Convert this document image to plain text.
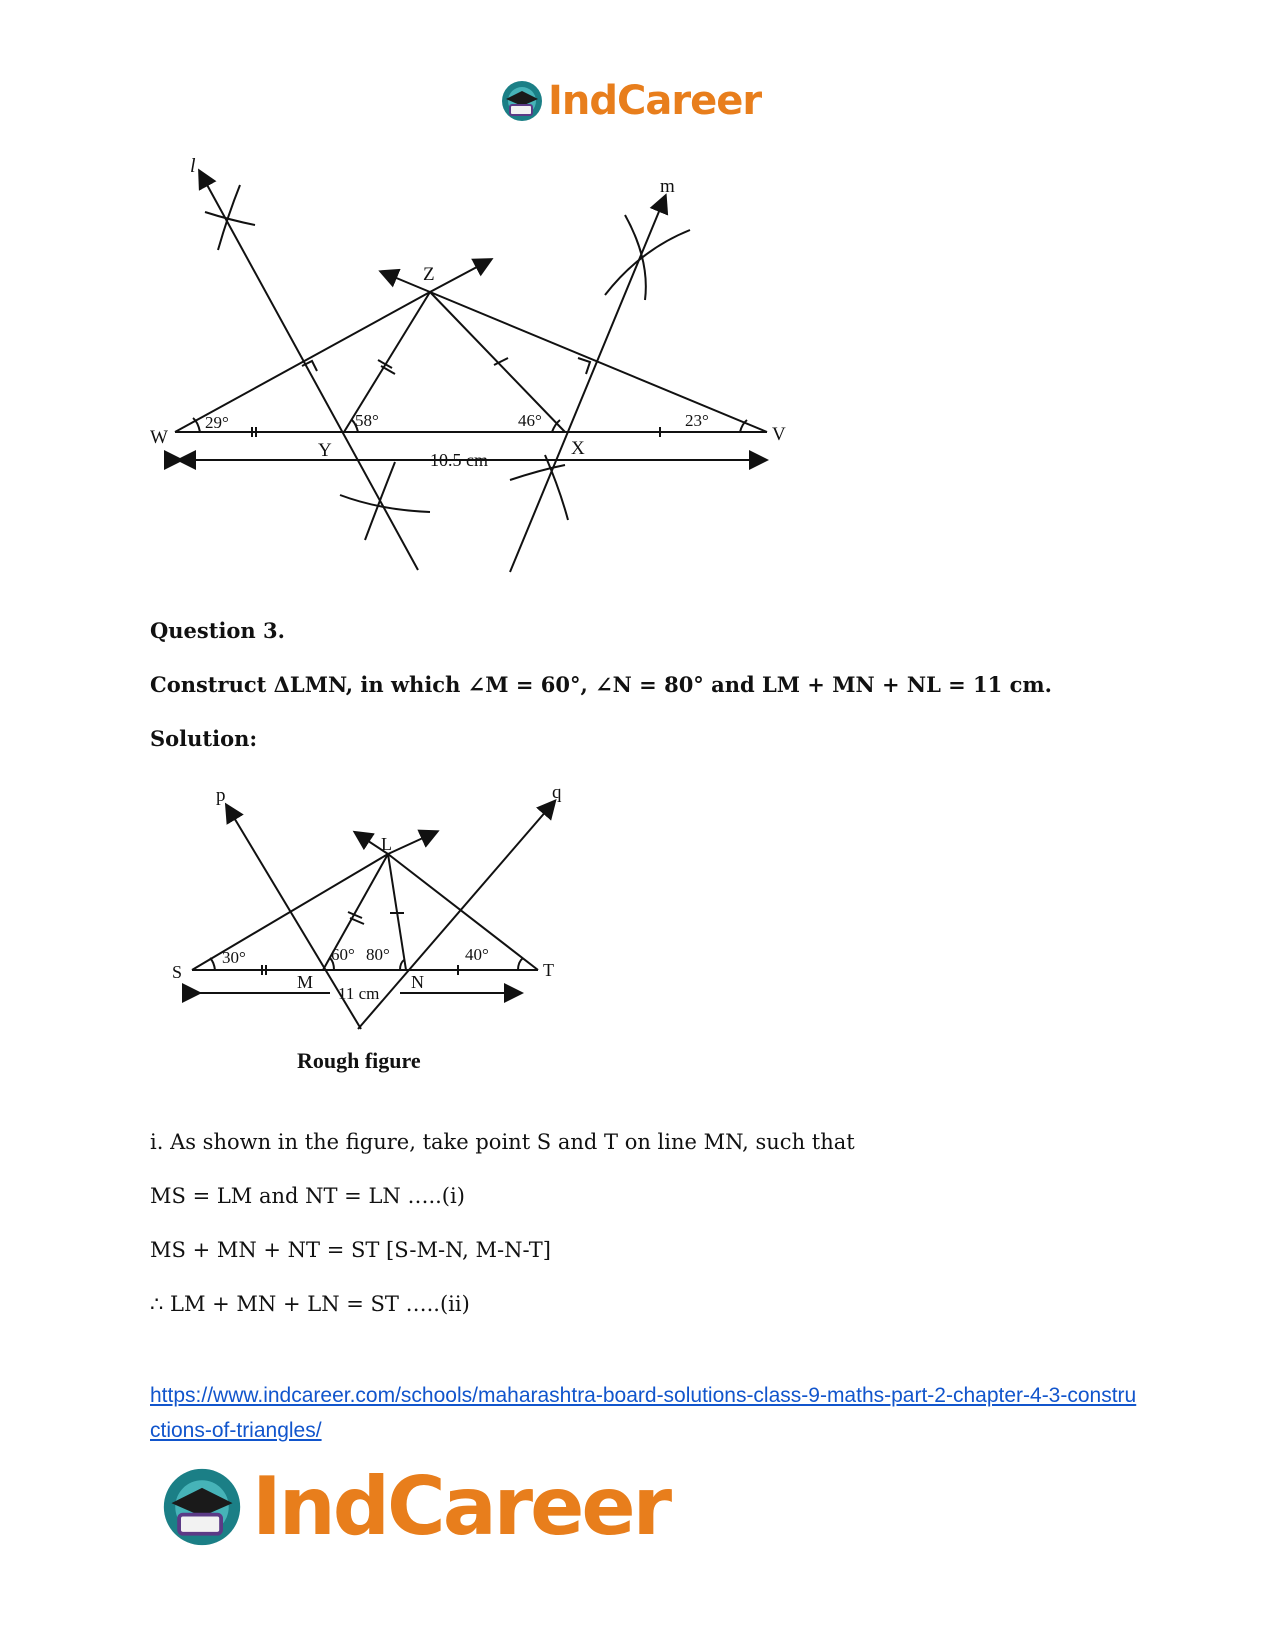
IndCareer
l
m
Z
W	V
Y	X
29°	58°	46°	23°
10.5 cm

Question 3.

Construct ΔLMN, in which ∠M = 60°, ∠N = 80° and LM + MN + NL = 11 cm.

Solution:

p	q
L
S	T
M	N
30°	60° 80°	40°
11 cm
Rough figure

i. As shown in the figure, take point S and T on line MN, such that

MS = LM and NT = LN …..(i)

MS + MN + NT = ST [S-M-N, M-N-T]

∴ LM + MN + LN = ST …..(ii)

https://www.indcareer.com/schools/maharashtra-board-solutions-class-9-maths-part-2-chapter-4-3-constructions-of-triangles/
IndCareer
